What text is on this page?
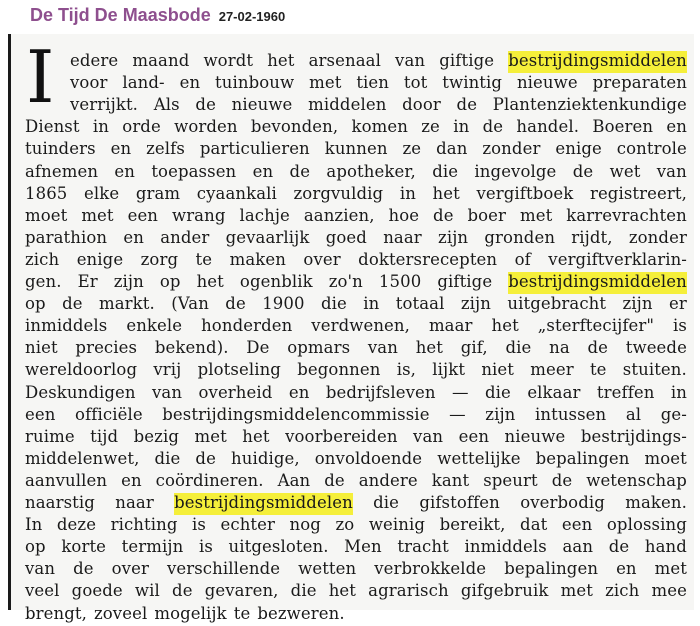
De Tijd De Maasbode 27-02-1960
I edere maand wordt het arsenaal van giftige bestrijdingsmiddelen
voor land- en tuinbouw met tien tot twintig nieuwe preparaten
verrijkt. Als de nieuwe middelen door de Plantenziektenkundige
Dienst in orde worden bevonden, komen ze in de handel. Boeren en
tuinders en zelfs particulieren kunnen ze dan zonder enige controle
afnemen en toepassen en de apotheker, die ingevolge de wet van
1865 elke gram cyaankali zorgvuldig in het vergiftboek registreert,
moet met een wrang lachje aanzien, hoe de boer met karrevrachten
parathion en ander gevaarlijk goed naar zijn gronden rijdt, zonder
zich enige zorg te maken over doktersrecepten of vergiftverklarin-
gen. Er zijn op het ogenblik zo'n 1500 giftige bestrijdingsmiddelen
op de markt. (Van de 1900 die in totaal zijn uitgebracht zijn er
inmiddels enkele honderden verdwenen, maar het „sterftecijfer" is
niet precies bekend). De opmars van het gif, die na de tweede
wereldoorlog vrij plotseling begonnen is, lijkt niet meer te stuiten.
Deskundigen van overheid en bedrijfsleven — die elkaar treffen in
een officiële bestrijdingsmiddelencommissie — zijn intussen al ge-
ruime tijd bezig met het voorbereiden van een nieuwe bestrijdings-
middelenwet, die de huidige, onvoldoende wettelijke bepalingen moet
aanvullen en coördineren. Aan de andere kant speurt de wetenschap
naarstig naar bestrijdingsmiddelen die gifstoffen overbodig maken.
In deze richting is echter nog zo weinig bereikt, dat een oplossing
op korte termijn is uitgesloten. Men tracht inmiddels aan de hand
van de over verschillende wetten verbrokkelde bepalingen en met
veel goede wil de gevaren, die het agrarisch gifgebruik met zich mee
brengt, zoveel mogelijk te bezweren.
